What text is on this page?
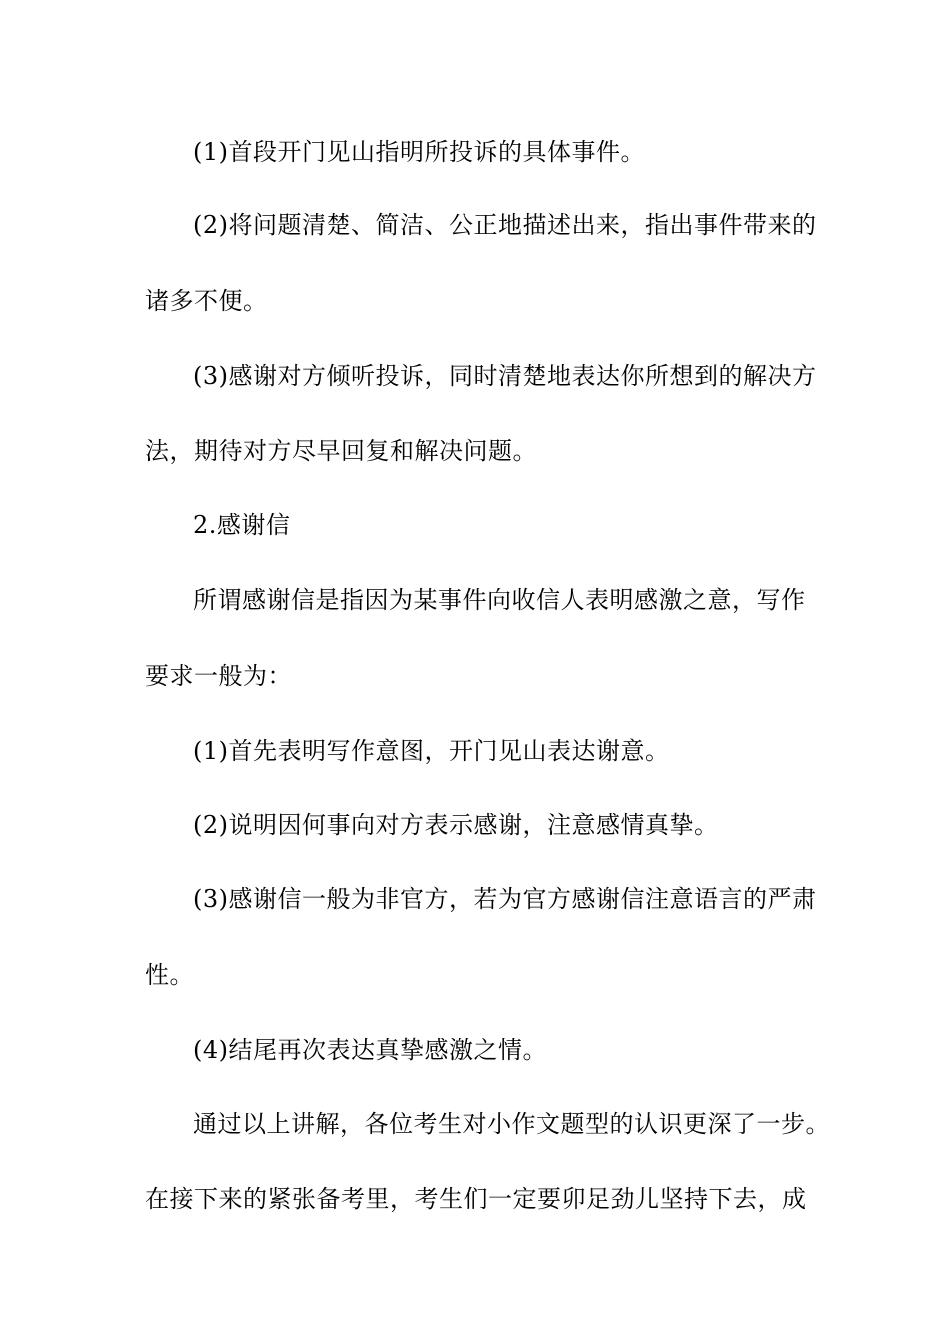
(1)首段开门见山指明所投诉的具体事件。
(2)将问题清楚、简洁、公正地描述出来，指出事件带来的
诸多不便。
(3)感谢对方倾听投诉，同时清楚地表达你所想到的解决方
法，期待对方尽早回复和解决问题。
2.感谢信
所谓感谢信是指因为某事件向收信人表明感激之意，写作
要求一般为：
(1)首先表明写作意图，开门见山表达谢意。
(2)说明因何事向对方表示感谢，注意感情真挚。
(3)感谢信一般为非官方，若为官方感谢信注意语言的严肃
性。
(4)结尾再次表达真挚感激之情。
通过以上讲解，各位考生对小作文题型的认识更深了一步。
在接下来的紧张备考里，考生们一定要卯足劲儿坚持下去，成
